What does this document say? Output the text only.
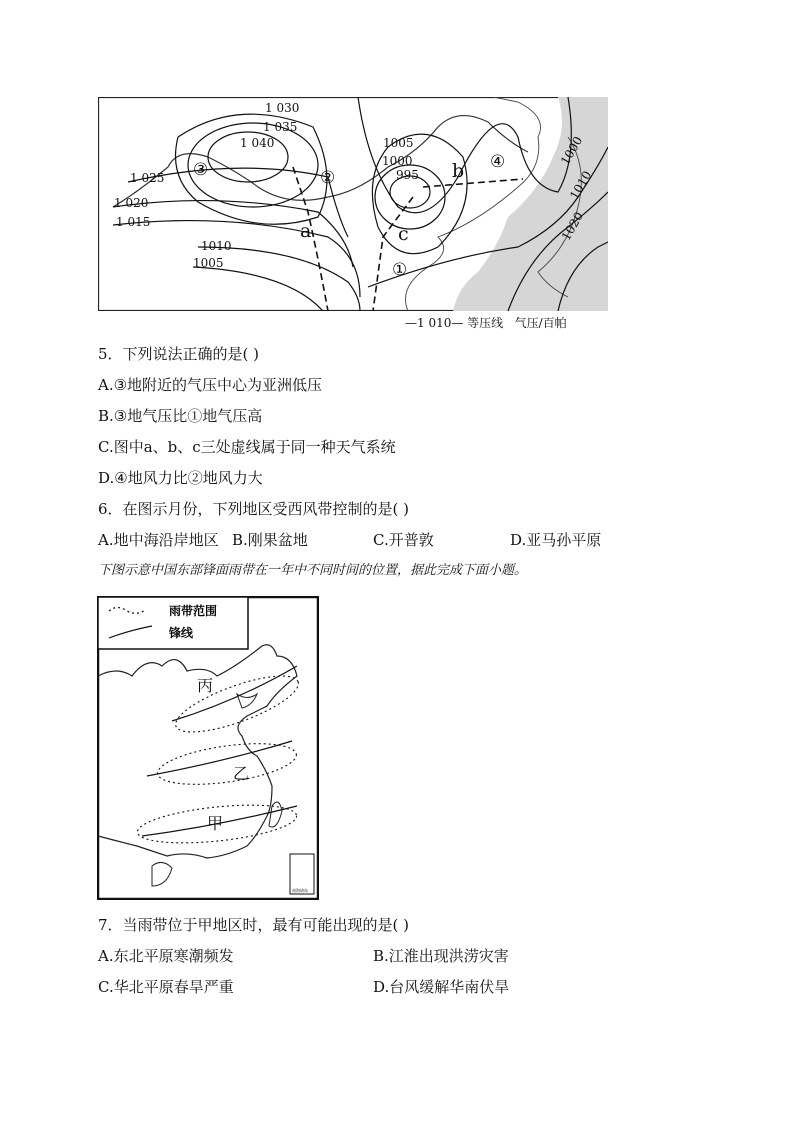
1 030
1 035
1 040
1 025
1 020
1 015
1010
1005
1005
1000
995
1000
1010
1020
③	②
①
④
a
b
c
—1 010— 等压线   气压/百帕
5．下列说法正确的是( )
A.③地附近的气压中心为亚洲低压
B.③地气压比①地气压高
C.图中a、b、c三处虚线属于同一种天气系统
D.④地风力比②地风力大
6．在图示月份，下列地区受西风带控制的是( )
A.地中海沿岸地区 B.刚果盆地	C.开普敦	D.亚马孙平原
下图示意中国东部锋面雨带在一年中不同时间的位置，据此完成下面小题。
雨带范围
锋线
丙
乙
甲
南海诸岛
7．当雨带位于甲地区时，最有可能出现的是( )
A.东北平原寒潮频发	B.江淮出现洪涝灾害
C.华北平原春旱严重	D.台风缓解华南伏旱
